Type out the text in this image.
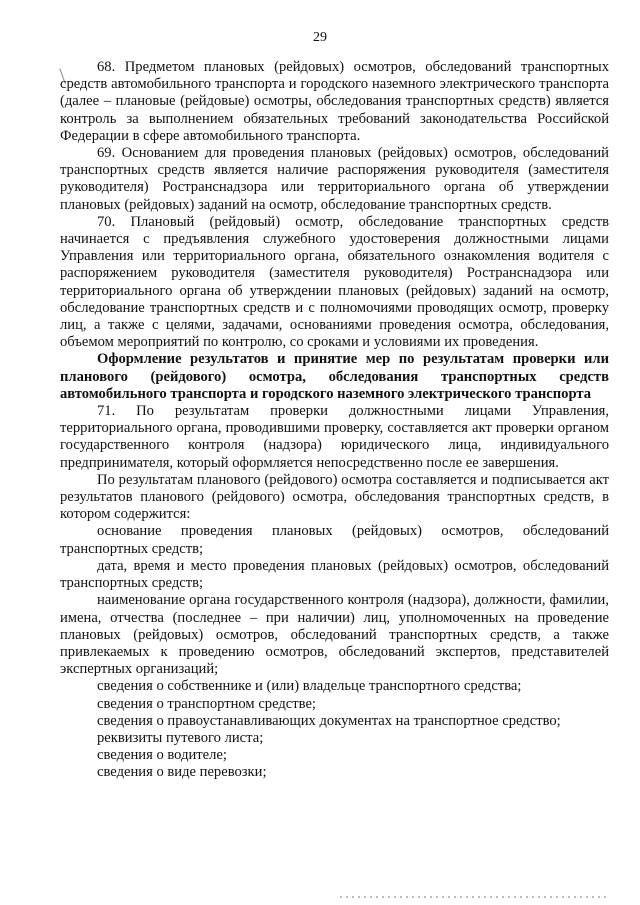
29

68. Предметом плановых (рейдовых) осмотров, обследований транспортных средств автомобильного транспорта и городского наземного электрического транспорта (далее – плановые (рейдовые) осмотры, обследования транспортных средств) является контроль за выполнением обязательных требований законодательства Российской Федерации в сфере автомобильного транспорта.

69. Основанием для проведения плановых (рейдовых) осмотров, обследований транспортных средств является наличие распоряжения руководителя (заместителя руководителя) Ространснадзора или территориального органа об утверждении плановых (рейдовых) заданий на осмотр, обследование транспортных средств.

70. Плановый (рейдовый) осмотр, обследование транспортных средств начинается с предъявления служебного удостоверения должностными лицами Управления или территориального органа, обязательного ознакомления водителя с распоряжением руководителя (заместителя руководителя) Ространснадзора или территориального органа об утверждении плановых (рейдовых) заданий на осмотр, обследование транспортных средств и с полномочиями проводящих осмотр, проверку лиц, а также с целями, задачами, основаниями проведения осмотра, обследования, объемом мероприятий по контролю, со сроками и условиями их проведения.

Оформление результатов и принятие мер по результатам проверки или планового (рейдового) осмотра, обследования транспортных средств автомобильного транспорта и городского наземного электрического транспорта

71. По результатам проверки должностными лицами Управления, территориального органа, проводившими проверку, составляется акт проверки органом государственного контроля (надзора) юридического лица, индивидуального предпринимателя, который оформляется непосредственно после ее завершения.

По результатам планового (рейдового) осмотра составляется и подписывается акт результатов планового (рейдового) осмотра, обследования транспортных средств, в котором содержится:

основание проведения плановых (рейдовых) осмотров, обследований транспортных средств;

дата, время и место проведения плановых (рейдовых) осмотров, обследований транспортных средств;

наименование органа государственного контроля (надзора), должности, фамилии, имена, отчества (последнее – при наличии) лиц, уполномоченных на проведение плановых (рейдовых) осмотров, обследований транспортных средств, а также привлекаемых к проведению осмотров, обследований экспертов, представителей экспертных организаций;

сведения о собственнике и (или) владельце транспортного средства;

сведения о транспортном средстве;

сведения о правоустанавливающих документах на транспортное средство;

реквизиты путевого листа;

сведения о водителе;

сведения о виде перевозки;
